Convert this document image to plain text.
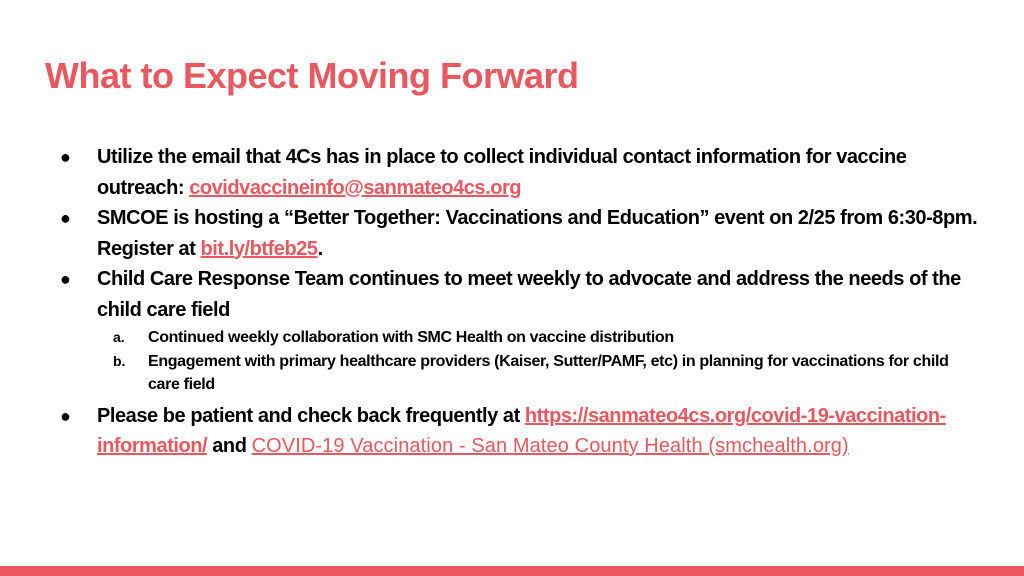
What to Expect Moving Forward
● Utilize the email that 4Cs has in place to collect individual contact information for vaccine outreach: covidvaccineinfo@sanmateo4cs.org
● SMCOE is hosting a “Better Together: Vaccinations and Education” event on 2/25 from 6:30-8pm. Register at bit.ly/btfeb25.
● Child Care Response Team continues to meet weekly to advocate and address the needs of the child care field
a. Continued weekly collaboration with SMC Health on vaccine distribution
b. Engagement with primary healthcare providers (Kaiser, Sutter/PAMF, etc) in planning for vaccinations for child care field
● Please be patient and check back frequently at https://sanmateo4cs.org/covid-19-vaccination-information/ and COVID-19 Vaccination - San Mateo County Health (smchealth.org)
